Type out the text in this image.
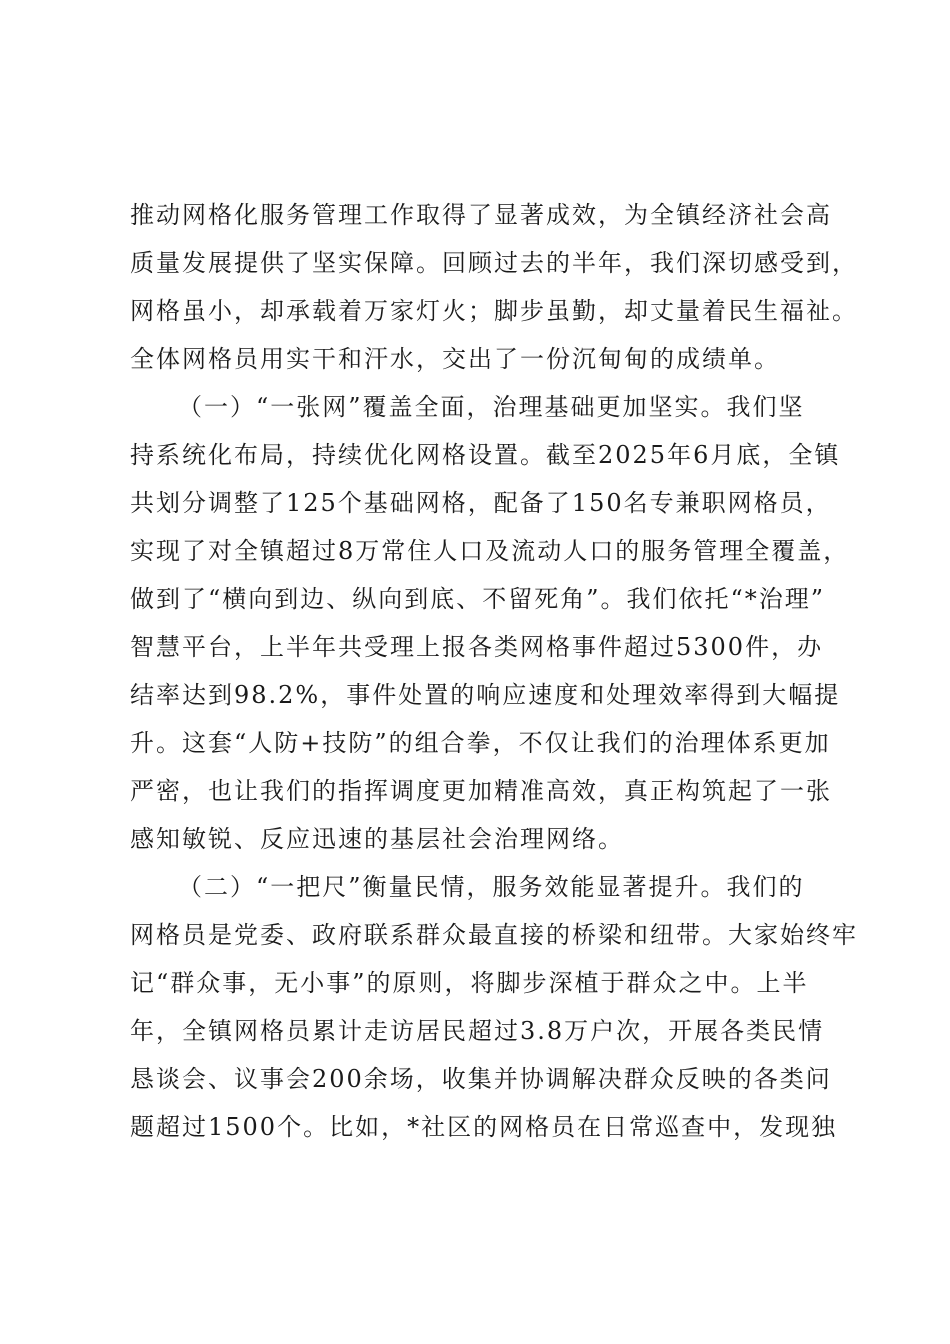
推动网格化服务管理工作取得了显著成效，为全镇经济社会高
质量发展提供了坚实保障。回顾过去的半年，我们深切感受到，
网格虽小，却承载着万家灯火；脚步虽勤，却丈量着民生福祉。
全体网格员用实干和汗水，交出了一份沉甸甸的成绩单。
（一）“一张网”覆盖全面，治理基础更加坚实。我们坚
持系统化布局，持续优化网格设置。截至2025年6月底，全镇
共划分调整了125个基础网格，配备了150名专兼职网格员，
实现了对全镇超过8万常住人口及流动人口的服务管理全覆盖，
做到了“横向到边、纵向到底、不留死角”。我们依托“*治理”
智慧平台，上半年共受理上报各类网格事件超过5300件，办
结率达到98.2%，事件处置的响应速度和处理效率得到大幅提
升。这套“人防+技防”的组合拳，不仅让我们的治理体系更加
严密，也让我们的指挥调度更加精准高效，真正构筑起了一张
感知敏锐、反应迅速的基层社会治理网络。
（二）“一把尺”衡量民情，服务效能显著提升。我们的
网格员是党委、政府联系群众最直接的桥梁和纽带。大家始终牢
记“群众事，无小事”的原则，将脚步深植于群众之中。上半
年，全镇网格员累计走访居民超过3.8万户次，开展各类民情
恳谈会、议事会200余场，收集并协调解决群众反映的各类问
题超过1500个。比如，*社区的网格员在日常巡查中，发现独
